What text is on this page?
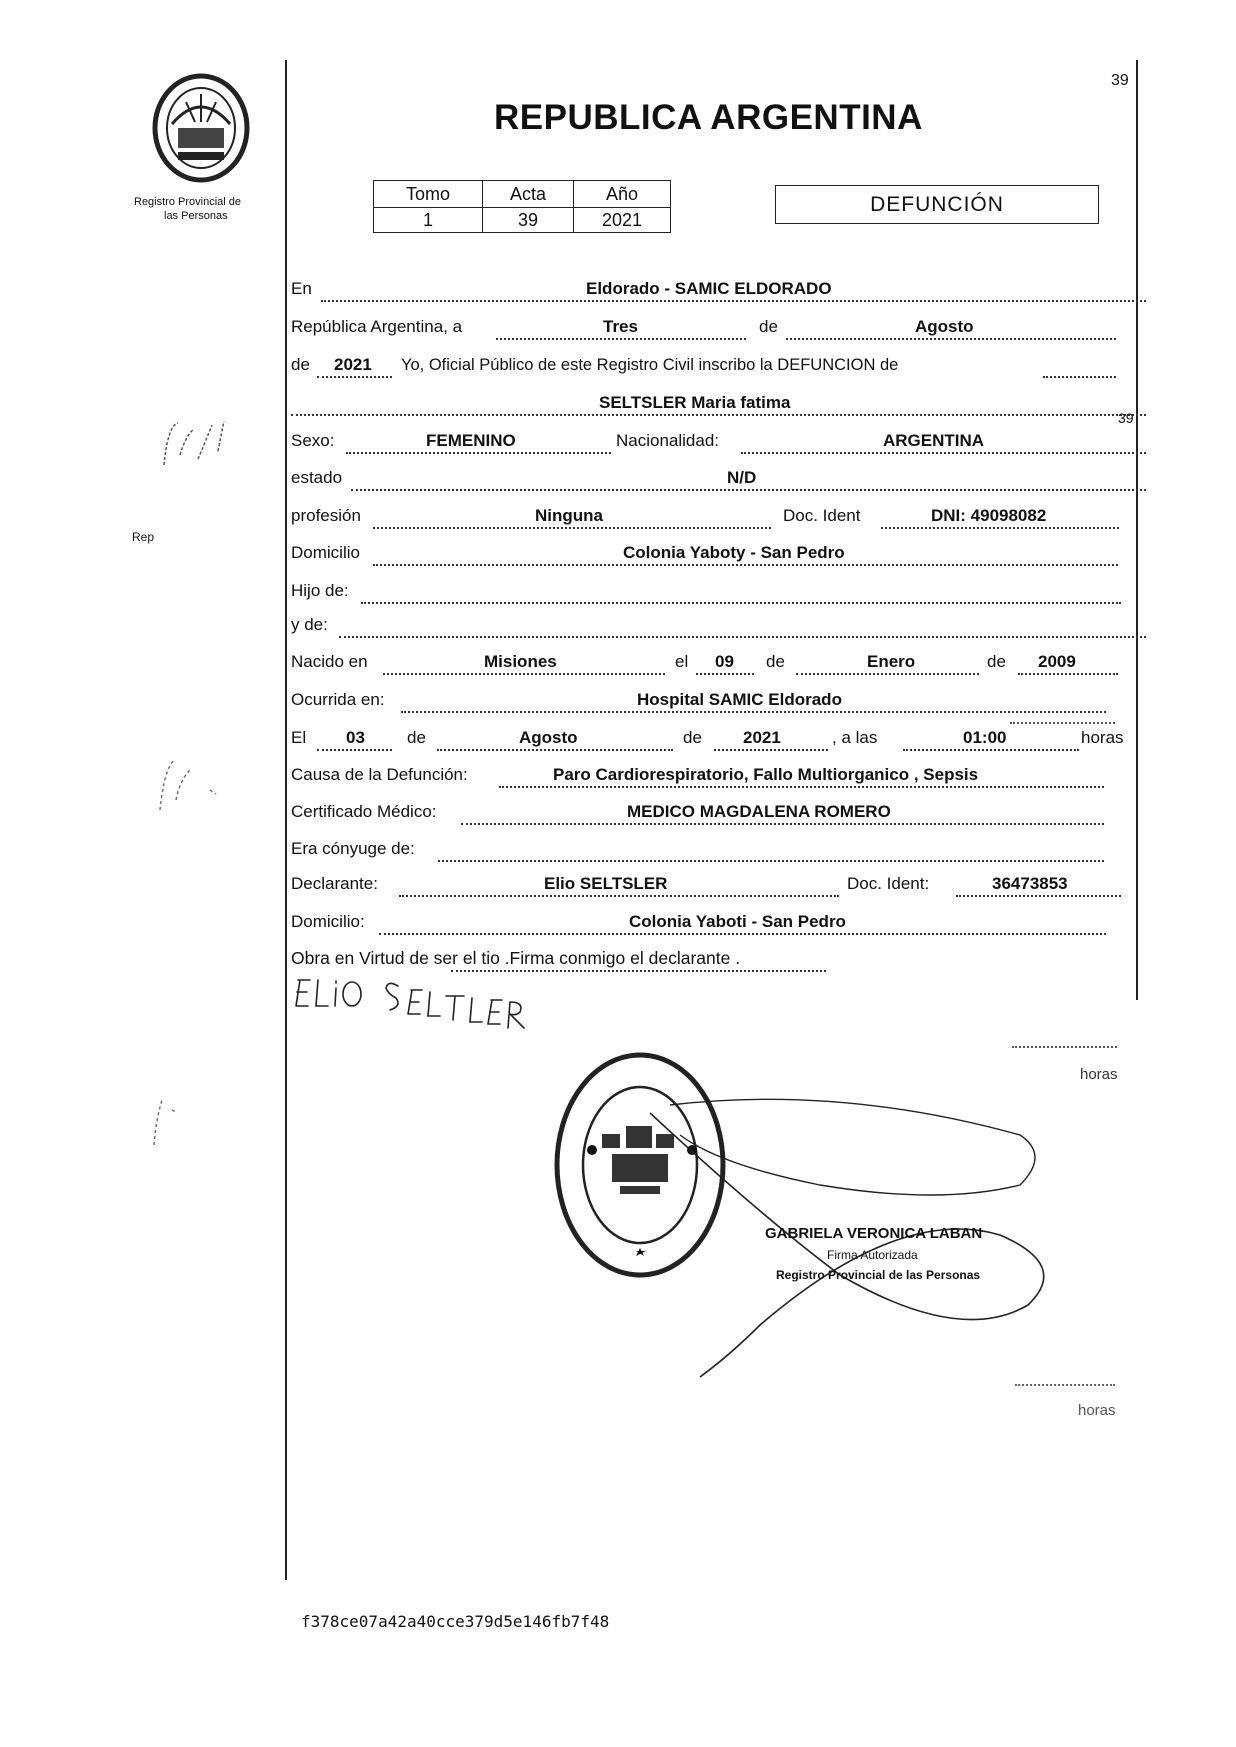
Registro Provincial de
las Personas
Rep
39
REPUBLICA ARGENTINA
Tomo	Acta	Año
1	39	2021
DEFUNCIÓN
En	Eldorado - SAMIC ELDORADO
República Argentina, a	Tres	de	Agosto
de 2021 Yo, Oficial Público de este Registro Civil inscribo la DEFUNCION de
SELTSLER Maria fatima
39
Sexo:	FEMENINO	Nacionalidad:	ARGENTINA
estado	N/D
profesión	Ninguna	Doc. Ident	DNI: 49098082
Domicilio	Colonia Yaboty - San Pedro
Hijo de:
y de:
Nacido en	Misiones	el 09 de	Enero	de 2009
Ocurrida en:	Hospital SAMIC Eldorado
El 03 de	Agosto	de 2021	, a las	01:00	horas
Causa de la Defunción:	Paro Cardiorespiratorio, Fallo Multiorganico , Sepsis
Certificado Médico:	MEDICO MAGDALENA ROMERO
Era cónyuge de:
Declarante:	Elio SELTSLER	Doc. Ident:	36473853
Domicilio:	Colonia Yaboti - San Pedro
Obra en Virtud de ser el tio .Firma conmigo el declarante .
horas
horas
GABRIELA VERONICA LABAN
Firma Autorizada
Registro Provincial de las Personas
f378ce07a42a40cce379d5e146fb7f48
